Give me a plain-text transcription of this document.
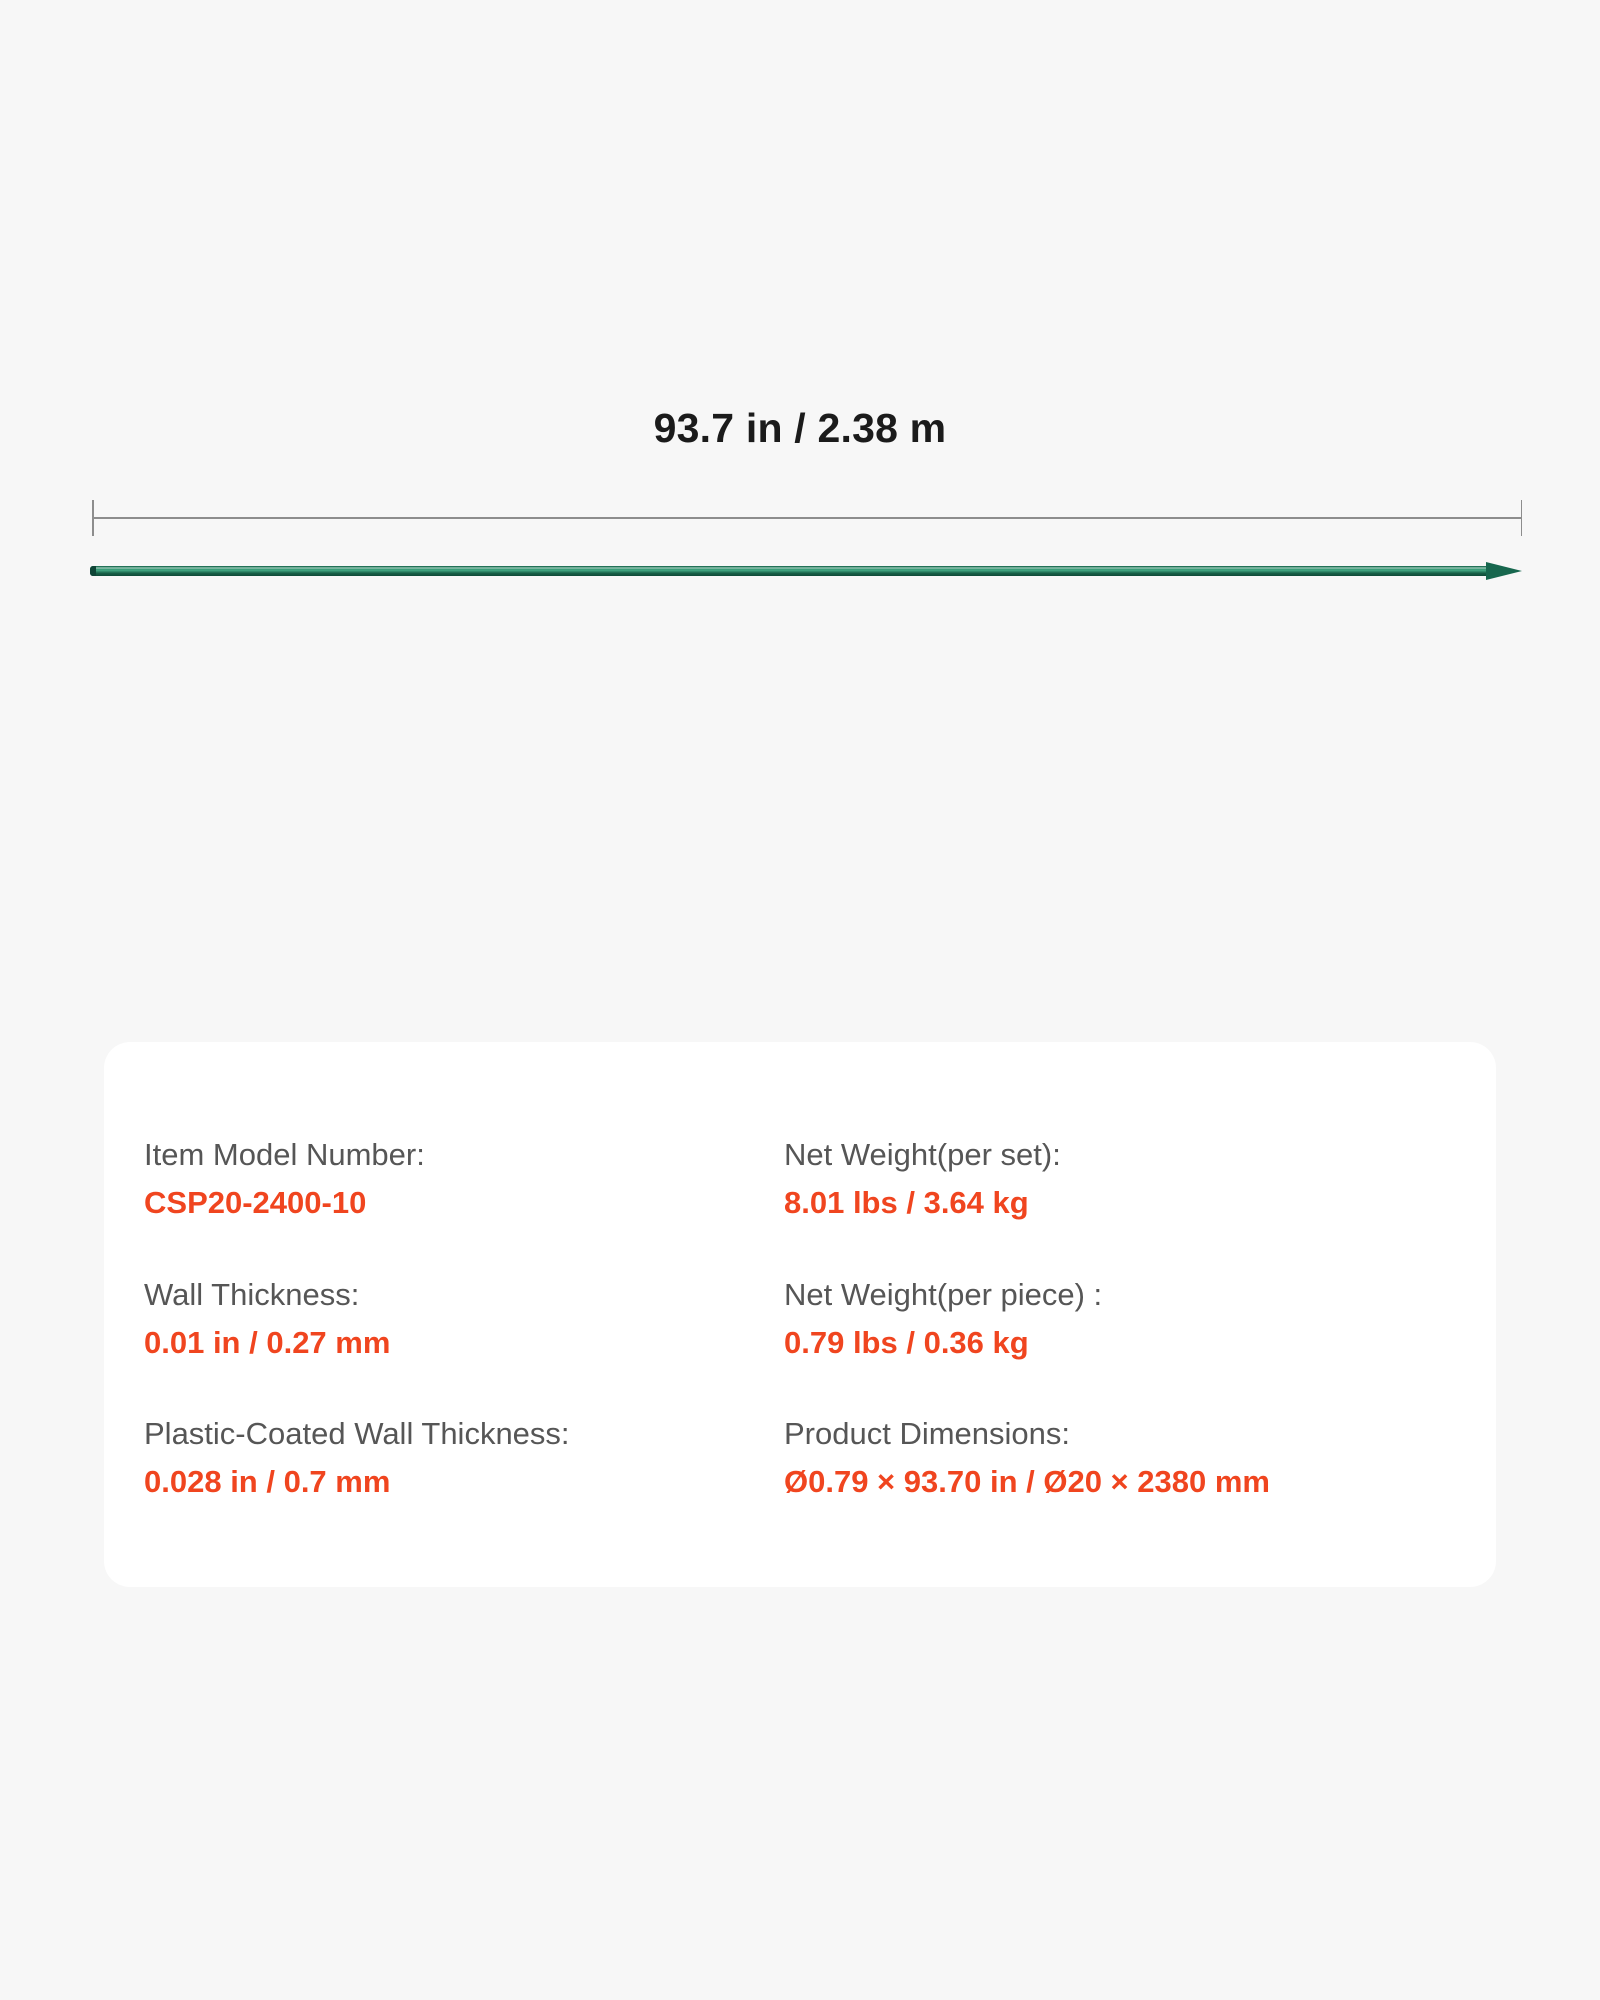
93.7 in / 2.38 m
Item Model Number:
CSP20-2400-10
Net Weight(per set):
8.01 lbs / 3.64 kg
Wall Thickness:
0.01 in / 0.27 mm
Net Weight(per piece) :
0.79 lbs / 0.36 kg
Plastic-Coated Wall Thickness:
0.028 in / 0.7 mm
Product Dimensions:
Ø0.79 × 93.70 in / Ø20 × 2380 mm
